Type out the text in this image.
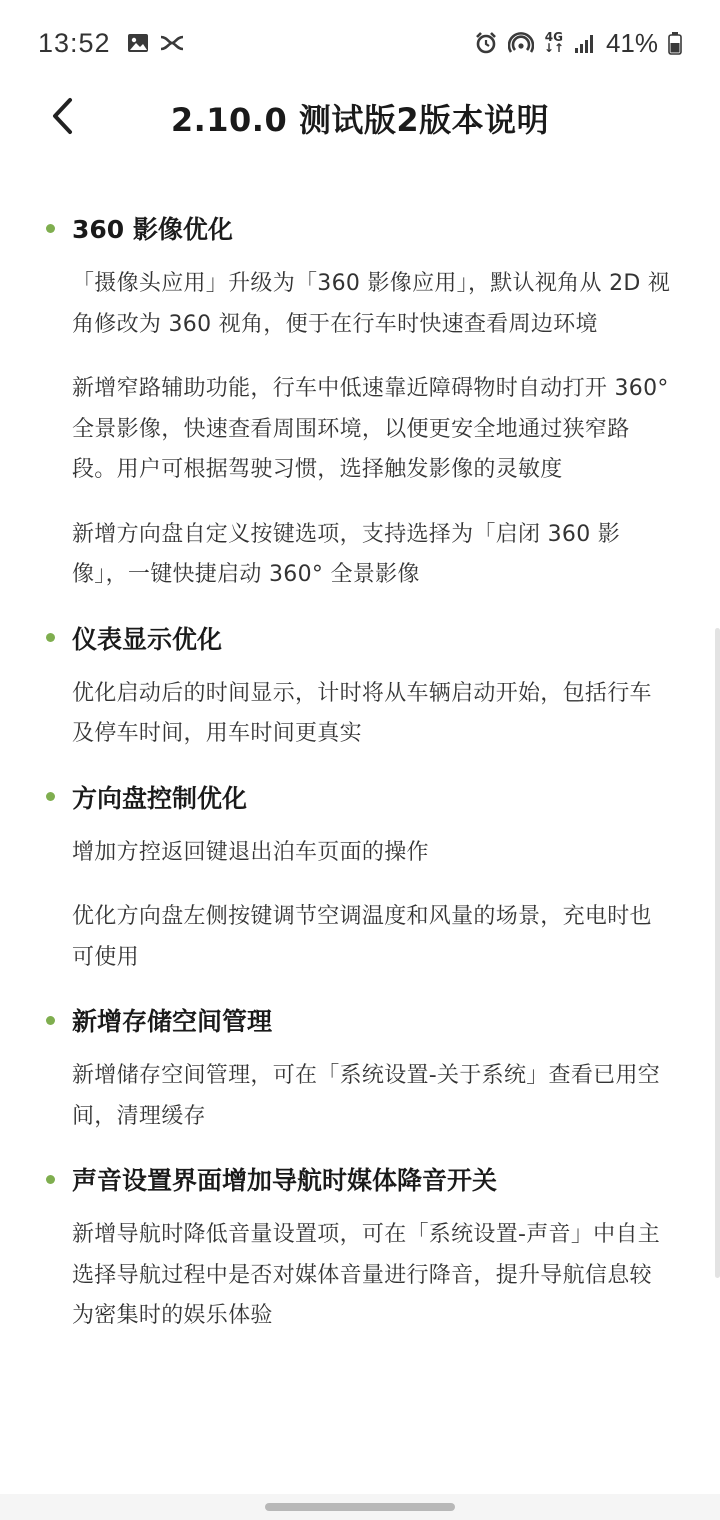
13:52	4G
↓↑ 41%
2.10.0 测试版2版本说明
360 影像优化

「摄像头应用」升级为「360 影像应用」，默认视角从 2D 视角修改为 360 视角，便于在行车时快速查看周边环境

新增窄路辅助功能，行车中低速靠近障碍物时自动打开 360° 全景影像，快速查看周围环境，以便更安全地通过狭窄路段。用户可根据驾驶习惯，选择触发影像的灵敏度

新增方向盘自定义按键选项，支持选择为「启闭 360 影像」，一键快捷启动 360° 全景影像

仪表显示优化

优化启动后的时间显示，计时将从车辆启动开始，包括行车及停车时间，用车时间更真实

方向盘控制优化

增加方控返回键退出泊车页面的操作

优化方向盘左侧按键调节空调温度和风量的场景，充电时也可使用

新增存储空间管理

新增储存空间管理，可在「系统设置-关于系统」查看已用空间，清理缓存

声音设置界面增加导航时媒体降音开关

新增导航时降低音量设置项，可在「系统设置-声音」中自主选择导航过程中是否对媒体音量进行降音，提升导航信息较为密集时的娱乐体验
